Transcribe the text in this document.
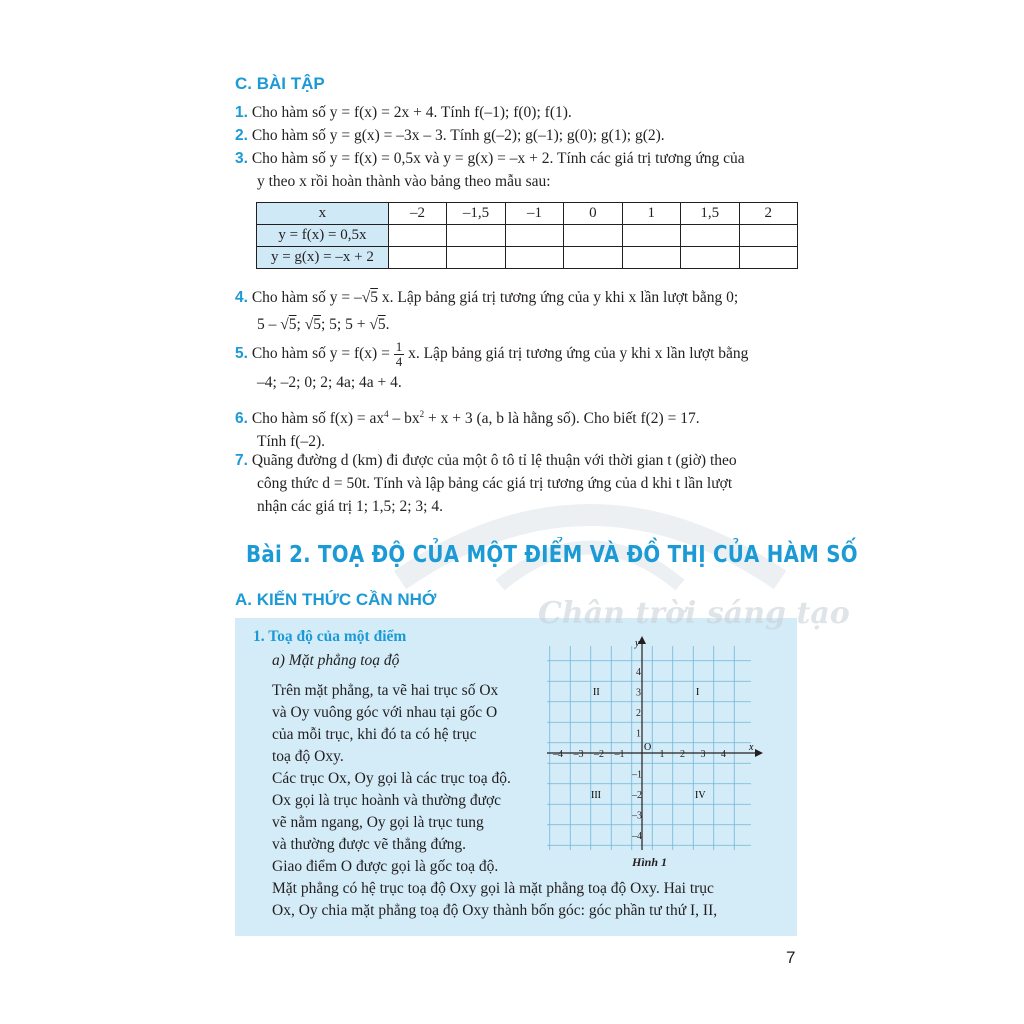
C. BÀI TẬP
1. Cho hàm số y = f(x) = 2x + 4. Tính f(–1); f(0); f(1).
2. Cho hàm số y = g(x) = –3x – 3. Tính g(–2); g(–1); g(0); g(1); g(2).
3. Cho hàm số y = f(x) = 0,5x và y = g(x) = –x + 2. Tính các giá trị tương ứng của
y theo x rồi hoàn thành vào bảng theo mẫu sau:
x	–2	–1,5	–1	0	1	1,5	2
y = f(x) = 0,5x							
y = g(x) = –x + 2							
4. Cho hàm số y = –√5 x. Lập bảng giá trị tương ứng của y khi x lần lượt bằng 0;
5 – √5; √5; 5; 5 + √5.
5. Cho hàm số $y = f(x) = \frac{1}{4} x$. Lập bảng giá trị tương ứng của y khi x lần lượt bằng
–4; –2; 0; 2; 4a; 4a + 4.
6. Cho hàm số $f(x) = ax^4 - bx^2 + x + 3$ (a, b là hằng số). Cho biết f(2) = 17.
Tính f(–2).
7. Quãng đường d (km) đi được của một ô tô tỉ lệ thuận với thời gian t (giờ) theo
công thức d = 50t. Tính và lập bảng các giá trị tương ứng của d khi t lần lượt
nhận các giá trị 1; 1,5; 2; 3; 4.
Bài 2. TOẠ ĐỘ CỦA MỘT ĐIỂM VÀ ĐỒ THỊ CỦA HÀM SỐ
A. KIẾN THỨC CẦN NHỚ	Chân trời sáng tạo
1. Toạ độ của một điểm
a) Mặt phẳng toạ độ
Trên mặt phẳng, ta vẽ hai trục số Ox
và Oy vuông góc với nhau tại gốc O
của mỗi trục, khi đó ta có hệ trục
toạ độ Oxy.
Các trục Ox, Oy gọi là các trục toạ độ.
Ox gọi là trục hoành và thường được
vẽ nằm ngang, Oy gọi là trục tung
và thường được vẽ thẳng đứng.
Giao điểm O được gọi là gốc toạ độ.
Mặt phẳng có hệ trục toạ độ Oxy gọi là mặt phẳng toạ độ Oxy. Hai trục
Ox, Oy chia mặt phẳng toạ độ Oxy thành bốn góc: góc phần tư thứ I, II,
–4 –3 –2 –1	1 2 3 4
4
3
2
1
–1
–2
–3
–4
x
y
O
I
II
III	IV
Hình 1
7
